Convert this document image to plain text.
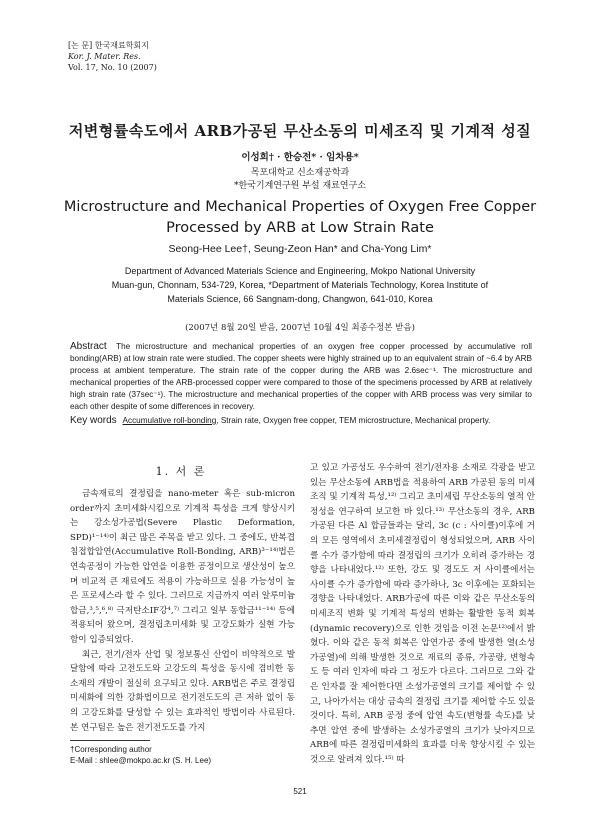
[논 문] 한국재료학회지
Kor. J. Mater. Res.
Vol. 17, No. 10 (2007)
저변형률속도에서 ARB가공된 무산소동의 미세조직 및 기계적 성질
이성희† · 한승전* · 임차용*
목포대학교 신소재공학과
*한국기계연구원 부설 재료연구소
Microstructure and Mechanical Properties of Oxygen Free Copper
Processed by ARB at Low Strain Rate
Seong-Hee Lee†, Seung-Zeon Han* and Cha-Yong Lim*
Department of Advanced Materials Science and Engineering, Mokpo National University
Muan-gun, Chonnam, 534-729, Korea, *Department of Materials Technology, Korea Institute of
Materials Science, 66 Sangnam-dong, Changwon, 641-010, Korea
(2007년 8월 20일 받음, 2007년 10월 4일 최종수정본 받음)
Abstract The microstructure and mechanical properties of an oxygen free copper processed by accumulative roll bonding(ARB) at low strain rate were studied. The copper sheets were highly strained up to an equivalent strain of ~6.4 by ARB process at ambient temperature. The strain rate of the copper during the ARB was 2.6sec⁻¹. The microstructure and mechanical properties of the ARB-processed copper were compared to those of the specimens processed by ARB at relatively high strain rate (37sec⁻¹). The microstructure and mechanical properties of the copper with ARB process was very similar to each other despite of some differences in recovery.
Key words Accumulative roll-bonding, Strain rate, Oxygen free copper, TEM microstructure, Mechanical property.
1. 서 론

금속재료의 결정립을 nano-meter 혹은 sub-micron order까지 초미세화시킴으로 기계적 특성을 크게 향상시키는 강소성가공법(Severe Plastic Deformation, SPD)¹⁻¹⁴⁾이 최근 많은 주목을 받고 있다. 그 중에도, 반복겹침접합압연(Accumulative Roll-Bonding, ARB)³⁻¹⁴⁾법은 연속공정이 가능한 압연을 이용한 공정이므로 생산성이 높으며 비교적 큰 재료에도 적용이 가능하므로 실용 가능성이 높은 프로세스라 할 수 있다. 그러므로 지금까지 여러 알루미늄 합금,³,⁵,⁶,⁸⁾ 극저탄소IF강⁴,⁷⁾ 그리고 일부 동합금¹¹⁻¹⁴⁾ 등에 적용되어 왔으며, 결정립초미세화 및 고강도화가 실현 가능함이 입증되었다.

최근, 전기/전자 산업 및 정보통신 산업이 비약적으로 발달함에 따라 고전도도와 고강도의 특성을 동시에 겸비한 동 소재의 개발이 절실히 요구되고 있다. ARB법은 주로 결정립미세화에 의한 강화법이므로 전기전도도의 큰 저하 없이 동의 고강도화를 달성할 수 있는 효과적인 방법이라 사료된다. 본 연구팀은 높은 전기전도도를 가지

고 있고 가공성도 우수하여 전기/전자용 소재로 각광을 받고 있는 무산소동에 ARB법을 적용하여 ARB 가공된 동의 미세조직 및 기계적 특성,¹²⁾ 그리고 초미세립 무산소동의 열적 안정성을 연구하여 보고한 바 있다.¹³⁾ 무산소동의 경우, ARB 가공된 다른 Al 합금들과는 달리, 3c (c : 사이클)이후에 거의 모든 영역에서 초미세결정립이 형성되었으며, ARB 사이클 수가 증가함에 따라 결정립의 크기가 오히려 증가하는 경향을 나타내었다.¹²⁾ 또한, 강도 및 경도도 저 사이클에서는 사이클 수가 증가함에 따라 증가하나, 3c 이후에는 포화되는 경향을 나타내었다. ARB가공에 따른 이와 같은 무산소동의 미세조직 변화 및 기계적 특성의 변화는 활발한 동적 회복(dynamic recovery)으로 인한 것임을 이전 논문¹²⁾에서 밝혔다. 이와 같은 동적 회복은 압연가공 중에 발생한 열(소성가공열)에 의해 발생한 것으로 재료의 종류, 가공량, 변형속도 등 여러 인자에 따라 그 정도가 다르다. 그러므로 그와 같은 인자를 잘 제어한다면 소성가공열의 크기를 제어할 수 있고, 나아가서는 대상 금속의 결정립 크기를 제어할 수도 있을 것이다. 특히, ARB 공정 중에 압연 속도(변형률 속도)를 낮추면 압연 중에 발생하는 소성가공열의 크기가 낮아지므로 ARB에 따른 결정립미세화의 효과를 더욱 향상시킬 수 있는 것으로 알려져 있다.¹⁵⁾ 따

†Corresponding author
E-Mail : shlee@mokpo.ac.kr (S. H. Lee)
521
